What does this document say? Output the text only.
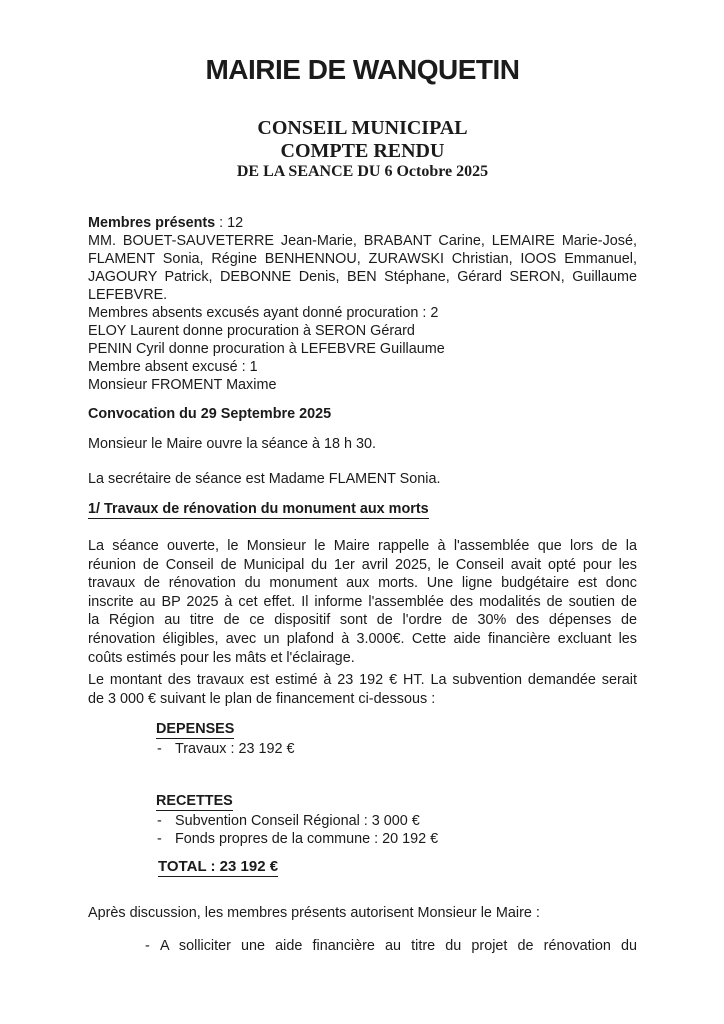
MAIRIE DE WANQUETIN
CONSEIL MUNICIPAL
COMPTE RENDU
DE LA SEANCE DU 6 Octobre 2025
Membres présents : 12
MM. BOUET-SAUVETERRE Jean-Marie, BRABANT Carine, LEMAIRE Marie-José,
FLAMENT Sonia, Régine BENHENNOU, ZURAWSKI Christian, IOOS Emmanuel,
JAGOURY Patrick, DEBONNE Denis, BEN Stéphane, Gérard SERON, Guillaume
LEFEBVRE.
Membres absents excusés ayant donné procuration : 2
ELOY Laurent donne procuration à SERON Gérard
PENIN Cyril donne procuration à LEFEBVRE Guillaume
Membre absent excusé : 1
Monsieur FROMENT Maxime
Convocation du 29 Septembre 2025
Monsieur le Maire ouvre la séance à 18 h 30.
La secrétaire de séance est Madame FLAMENT Sonia.
1/ Travaux de rénovation du monument aux morts
La séance ouverte, le Monsieur le Maire rappelle à l'assemblée que lors de la
réunion de Conseil de Municipal du 1er avril 2025, le Conseil avait opté pour les
travaux de rénovation du monument aux morts. Une ligne budgétaire est donc
inscrite au BP 2025 à cet effet. Il informe l'assemblée des modalités de soutien de
la Région au titre de ce dispositif sont de l'ordre de 30% des dépenses de
rénovation éligibles, avec un plafond à 3.000€. Cette aide financière excluant les
coûts estimés pour les mâts et l'éclairage.
Le montant des travaux est estimé à 23 192 € HT. La subvention demandée serait
de 3 000 € suivant le plan de financement ci-dessous :
DEPENSES
- Travaux : 23 192 €
RECETTES
- Subvention Conseil Régional : 3 000 €
- Fonds propres de la commune : 20 192 €
TOTAL : 23 192 €
Après discussion, les membres présents autorisent Monsieur le Maire :
- A solliciter une aide financière au titre du projet de rénovation du
